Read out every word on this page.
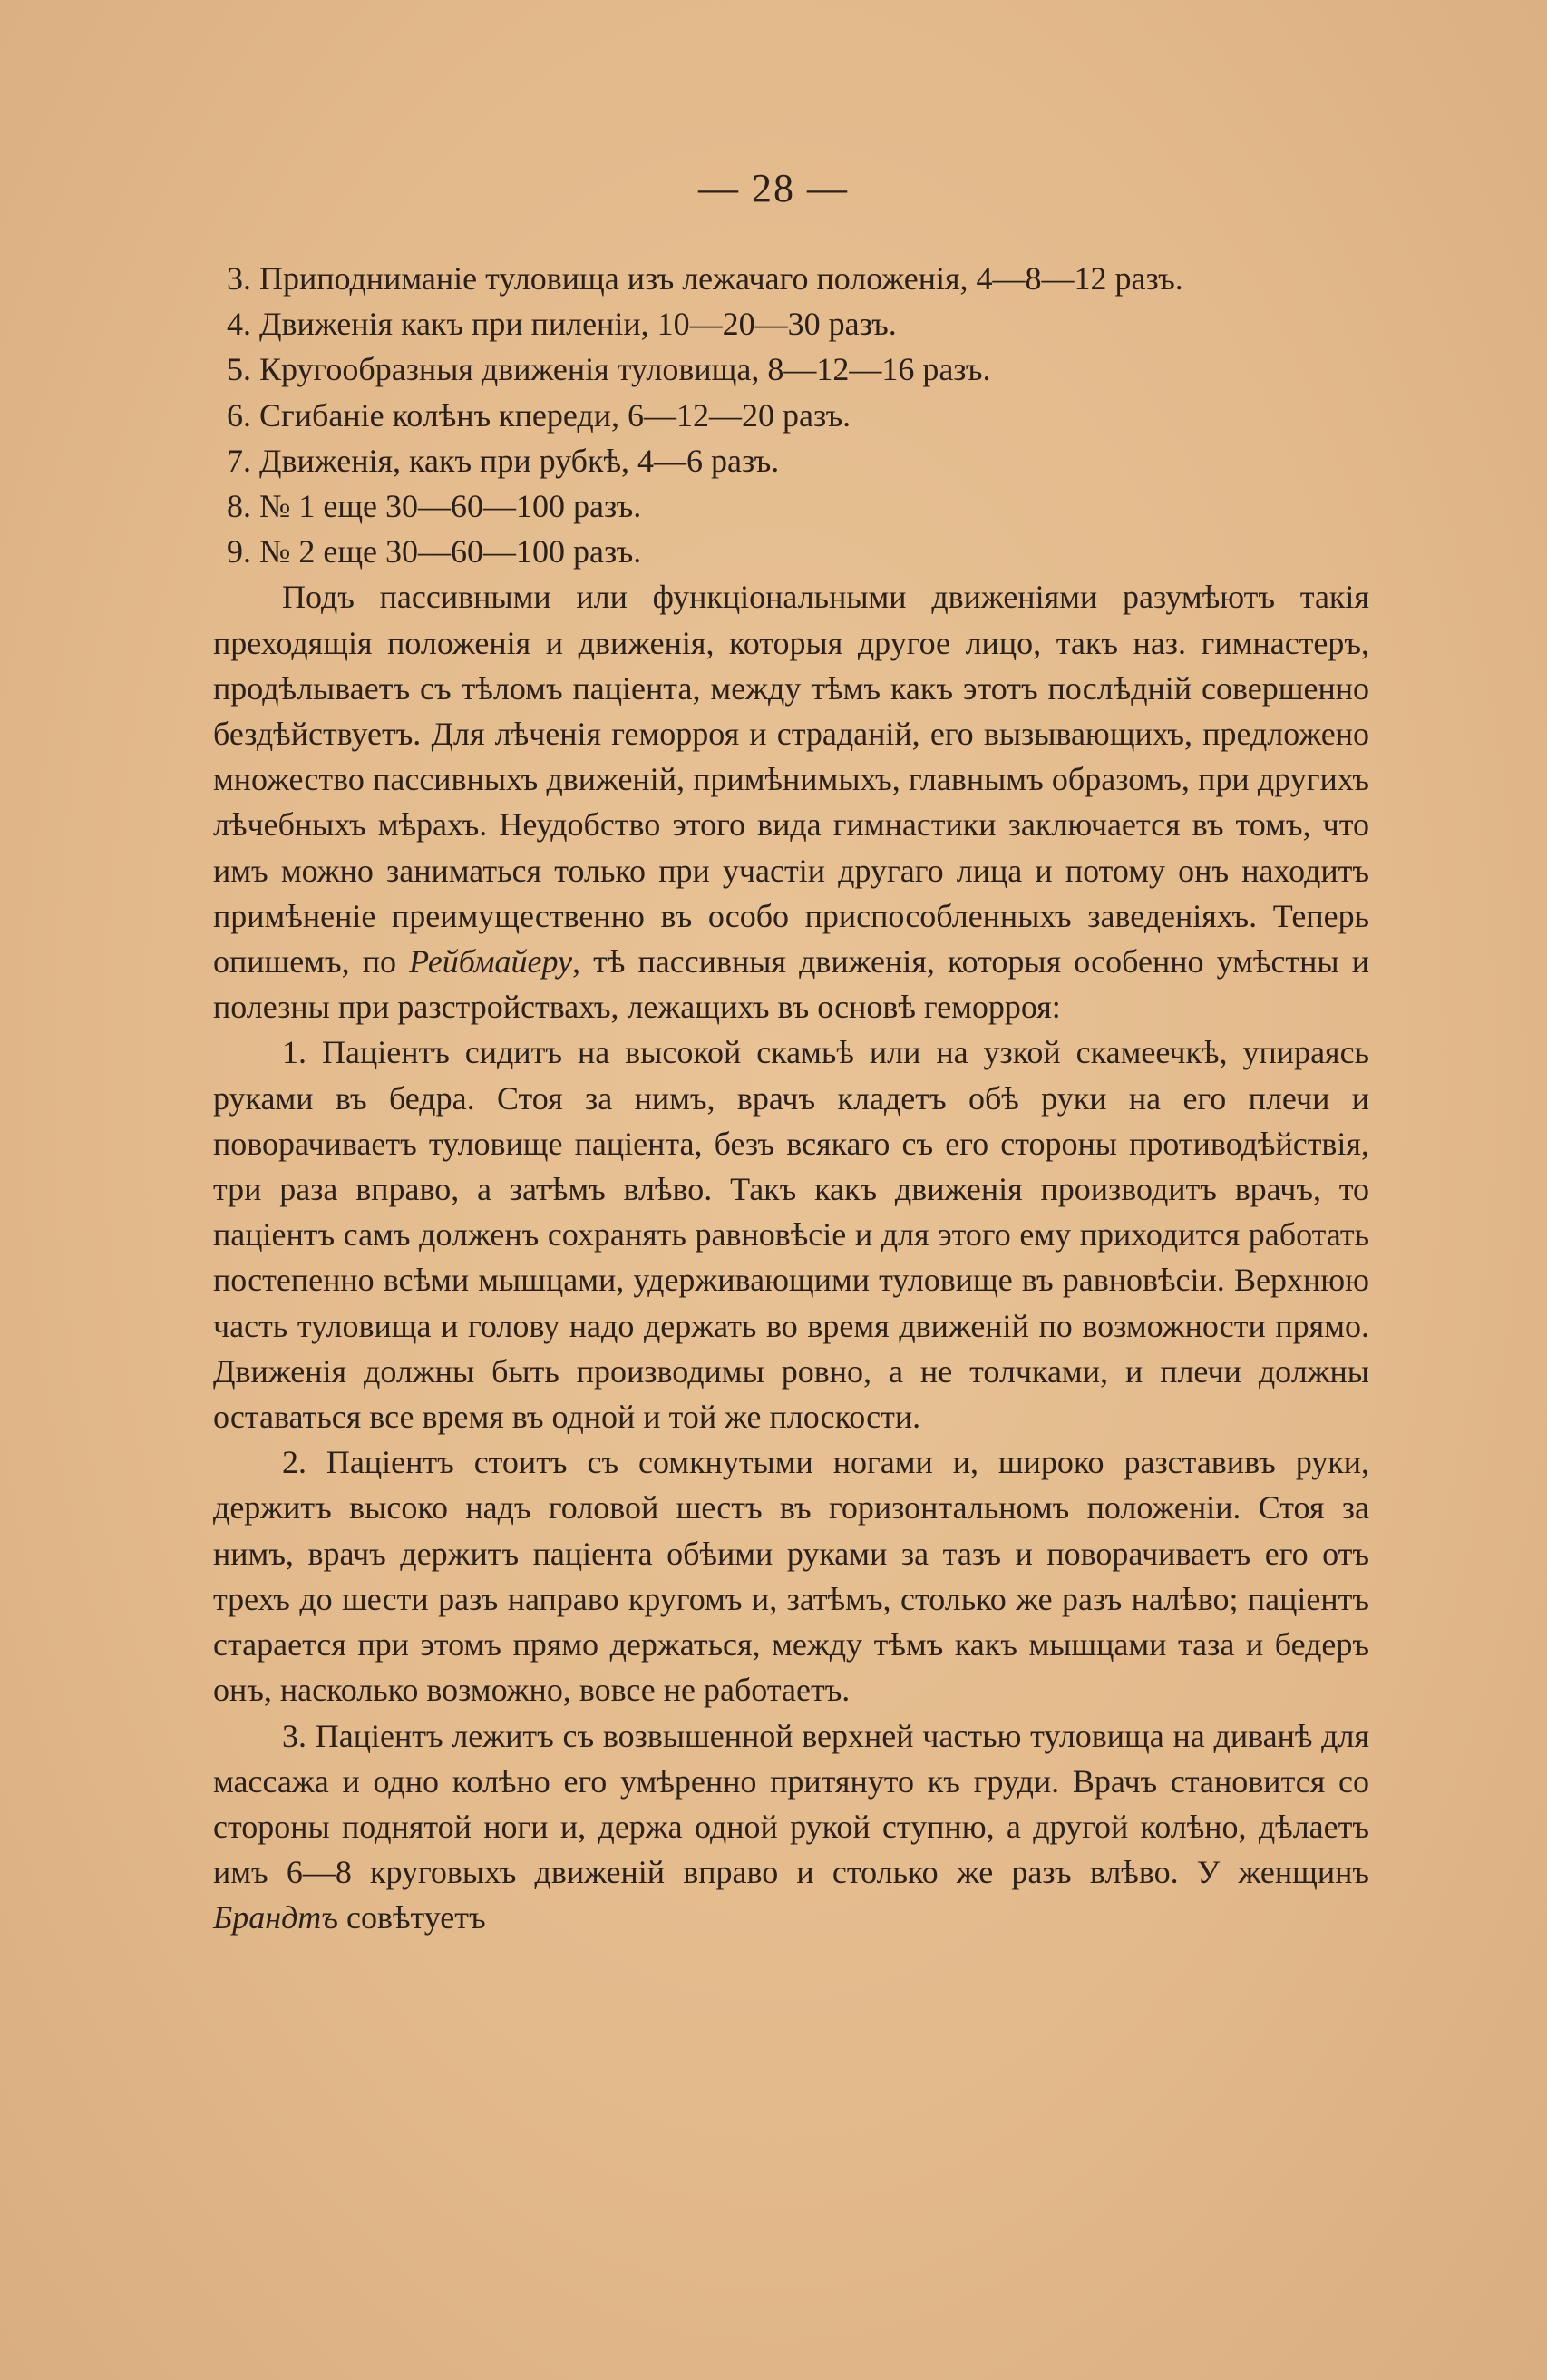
— 28 —

3. Приподниманіе туловища изъ лежачаго положенія, 4—8—12 разъ.

4. Движенія какъ при пиленіи, 10—20—30 разъ.

5. Кругообразныя движенія туловища, 8—12—16 разъ.

6. Сгибаніе колѣнъ кпереди, 6—12—20 разъ.

7. Движенія, какъ при рубкѣ, 4—6 разъ.

8. № 1 еще 30—60—100 разъ.

9. № 2 еще 30—60—100 разъ.

Подъ пассивными или функціональными движеніями разумѣютъ такія преходящія положенія и движенія, которыя другое лицо, такъ наз. гимнастеръ, продѣлываетъ съ тѣломъ паціента, между тѣмъ какъ этотъ послѣдній совершенно бездѣйствуетъ. Для лѣченія геморроя и страданій, его вызывающихъ, предложено множество пассивныхъ движеній, примѣнимыхъ, главнымъ образомъ, при другихъ лѣчебныхъ мѣрахъ. Неудобство этого вида гимнастики заключается въ томъ, что имъ можно заниматься только при участіи другаго лица и потому онъ находитъ примѣненіе преимущественно въ особо приспособленныхъ заведеніяхъ. Теперь опишемъ, по Рейбмайеру, тѣ пассивныя движенія, которыя особенно умѣстны и полезны при разстройствахъ, лежащихъ въ основѣ геморроя:

1. Паціентъ сидитъ на высокой скамьѣ или на узкой скамеечкѣ, упираясь руками въ бедра. Стоя за нимъ, врачъ кладетъ обѣ руки на его плечи и поворачиваетъ туловище паціента, безъ всякаго съ его стороны противодѣйствія, три раза вправо, а затѣмъ влѣво. Такъ какъ движенія производитъ врачъ, то паціентъ самъ долженъ сохранять равновѣсіе и для этого ему приходится работать постепенно всѣми мышцами, удерживающими туловище въ равновѣсіи. Верхнюю часть туловища и голову надо держать во время движеній по возможности прямо. Движенія должны быть производимы ровно, а не толчками, и плечи должны оставаться все время въ одной и той же плоскости.

2. Паціентъ стоитъ съ сомкнутыми ногами и, широко разставивъ руки, держитъ высоко надъ головой шестъ въ горизонтальномъ положеніи. Стоя за нимъ, врачъ держитъ паціента обѣими руками за тазъ и поворачиваетъ его отъ трехъ до шести разъ направо кругомъ и, затѣмъ, столько же разъ налѣво; паціентъ старается при этомъ прямо держаться, между тѣмъ какъ мышцами таза и бедеръ онъ, насколько возможно, вовсе не работаетъ.

3. Паціентъ лежитъ съ возвышенной верхней частью туловища на диванѣ для массажа и одно колѣно его умѣренно притянуто къ груди. Врачъ становится со стороны поднятой ноги и, держа одной рукой ступню, а другой колѣно, дѣлаетъ имъ 6—8 круговыхъ движеній вправо и столько же разъ влѣво. У женщинъ Брандтъ совѣтуетъ
